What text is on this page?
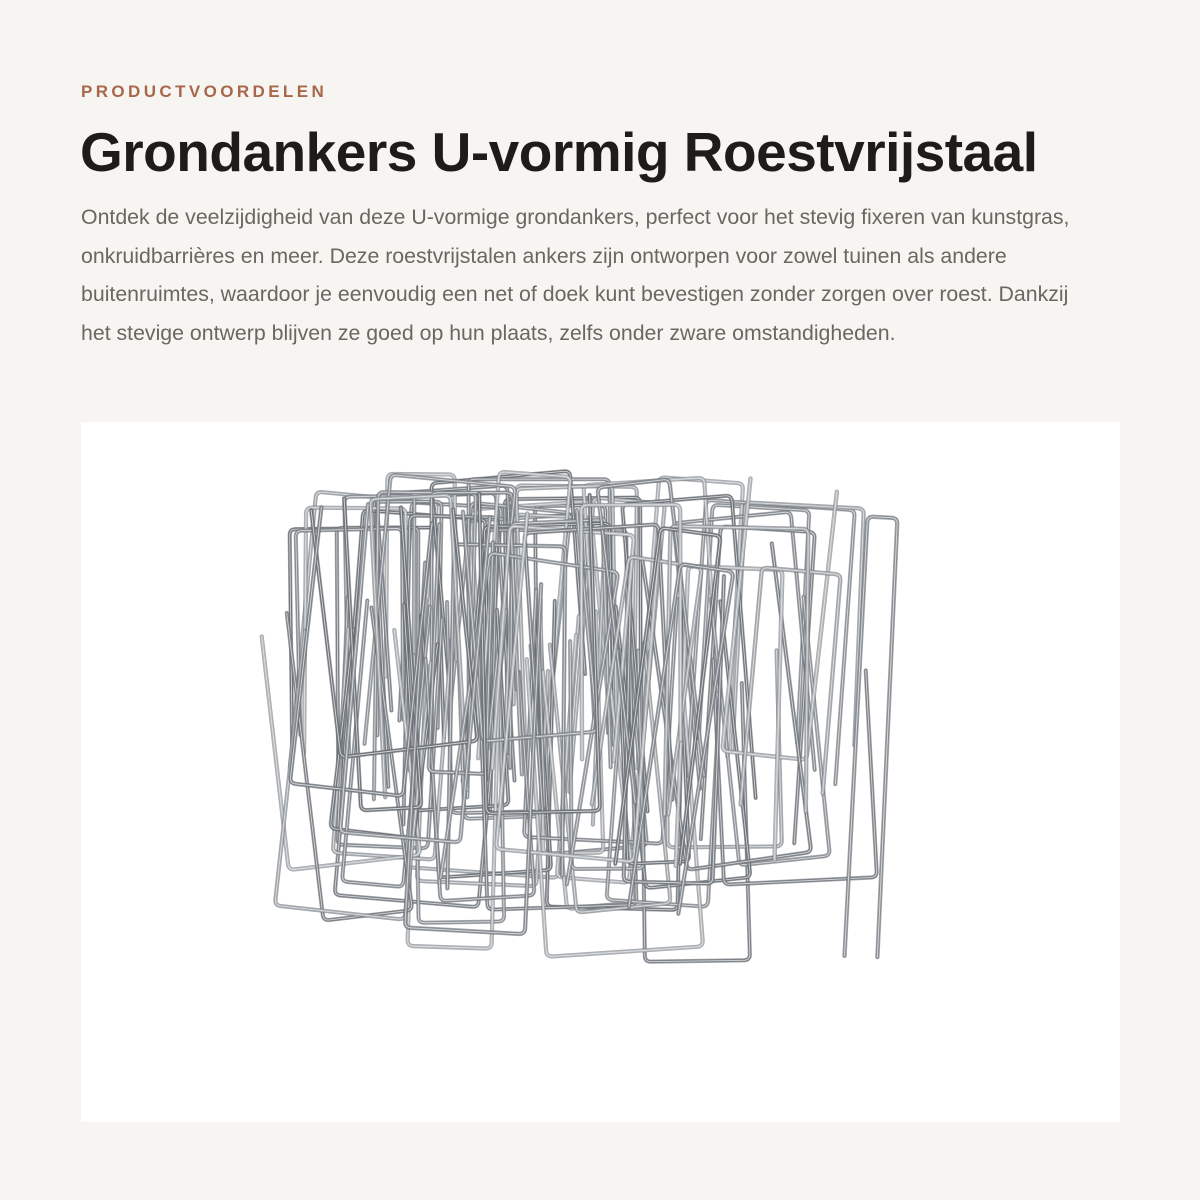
PRODUCTVOORDELEN
Grondankers U-vormig Roestvrijstaal

Ontdek de veelzijdigheid van deze U-vormige grondankers, perfect voor het stevig fixeren van kunstgras, onkruidbarrières en meer. Deze roestvrijstalen ankers zijn ontworpen voor zowel tuinen als andere buitenruimtes, waardoor je eenvoudig een net of doek kunt bevestigen zonder zorgen over roest. Dankzij het stevige ontwerp blijven ze goed op hun plaats, zelfs onder zware omstandigheden.
